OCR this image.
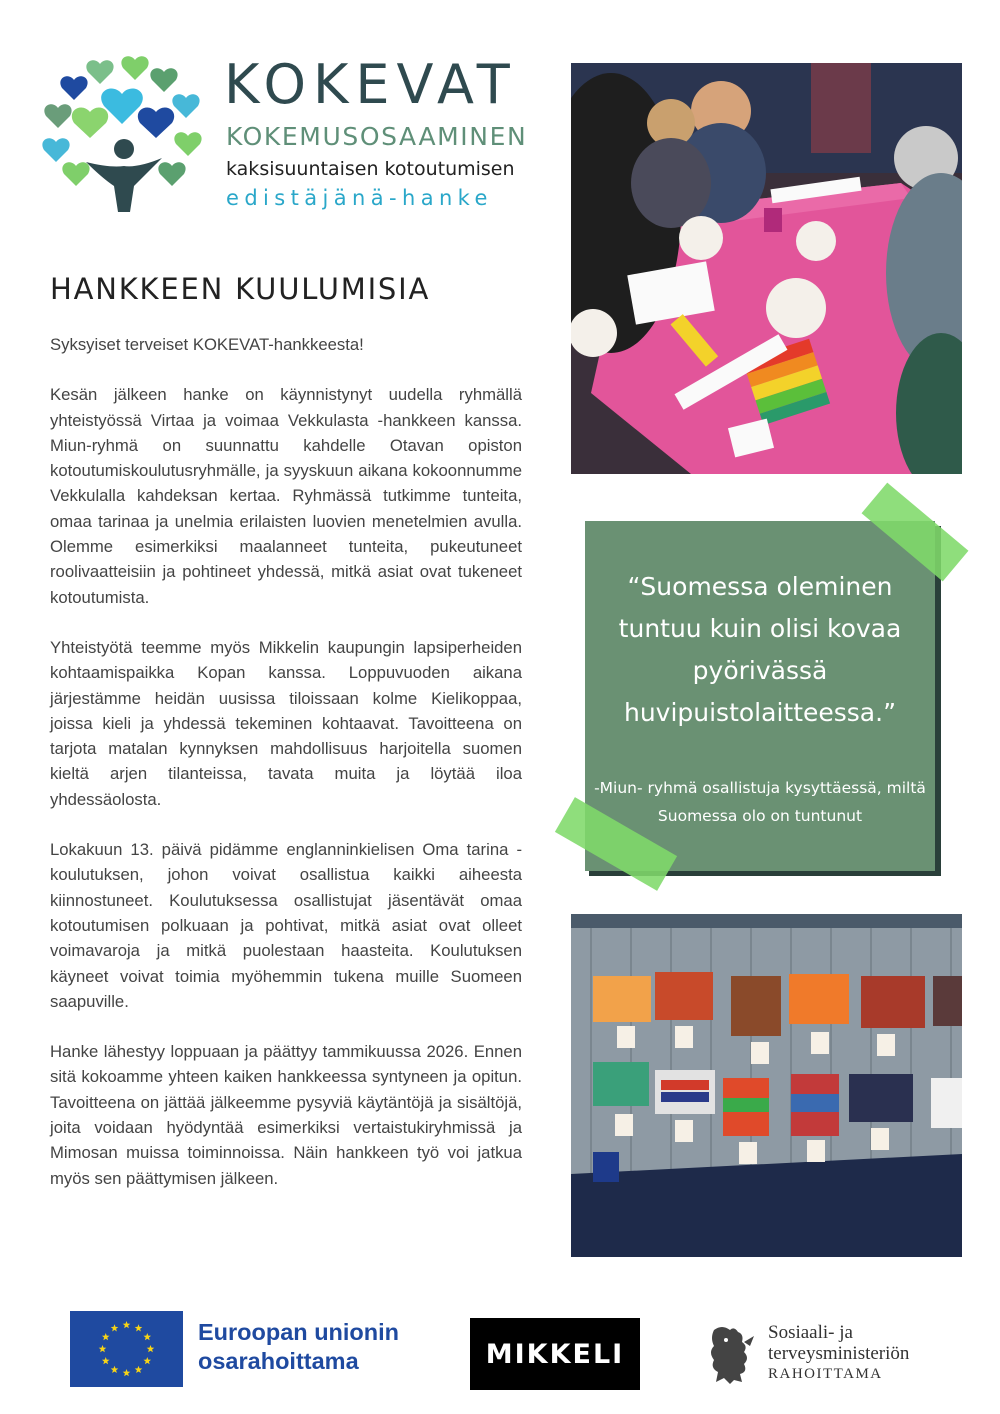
KOKEVAT
KOKEMUSOSAAMINEN
kaksisuuntaisen kotoutumisen
edistäjänä-hanke
HANKKEEN KUULUMISIA

Syksyiset terveiset KOKEVAT-hankkeesta!

Kesän jälkeen hanke on käynnistynyt uudella ryhmällä yhteistyössä Virtaa ja voimaa Vekkulasta -hankkeen kanssa. Miun-ryhmä on suunnattu kahdelle Otavan opiston kotoutumiskoulutusryhmälle, ja syyskuun aikana kokoonnumme Vekkulalla kahdeksan kertaa. Ryhmässä tutkimme tunteita, omaa tarinaa ja unelmia erilaisten luovien menetelmien avulla. Olemme esimerkiksi maalanneet tunteita, pukeutuneet roolivaatteisiin ja pohtineet yhdessä, mitkä asiat ovat tukeneet kotoutumista.

Yhteistyötä teemme myös Mikkelin kaupungin lapsiperheiden kohtaamispaikka Kopan kanssa. Loppuvuoden aikana järjestämme heidän uusissa tiloissaan kolme Kielikoppaa, joissa kieli ja yhdessä tekeminen kohtaavat. Tavoitteena on tarjota matalan kynnyksen mahdollisuus harjoitella suomen kieltä arjen tilanteissa, tavata muita ja löytää iloa yhdessäolosta.

Lokakuun 13. päivä pidämme englanninkielisen Oma tarina -koulutuksen, johon voivat osallistua kaikki aiheesta kiinnostuneet. Koulutuksessa osallistujat jäsentävät omaa kotoutumisen polkuaan ja pohtivat, mitkä asiat ovat olleet voimavaroja ja mitkä puolestaan haasteita. Koulutuksen käyneet voivat toimia myöhemmin tukena muille Suomeen saapuville.

Hanke lähestyy loppuaan ja päättyy tammikuussa 2026. Ennen sitä kokoamme yhteen kaiken hankkeessa syntyneen ja opitun. Tavoitteena on jättää jälkeemme pysyviä käytäntöjä ja sisältöjä, joita voidaan hyödyntää esimerkiksi vertaistukiryhmissä ja Mimosan muissa toiminnoissa. Näin hankkeen työ voi jatkua myös sen päättymisen jälkeen.

“Suomessa oleminen tuntuu kuin olisi kovaa pyörivässä huvipuistolaitteessa.”
-Miun- ryhmä osallistuja kysyttäessä, miltä Suomessa olo on tuntunut
Euroopan unionin
osarahoittama	MIKKELI
Sosiaali- ja
terveysministeriön
RAHOITTAMA
